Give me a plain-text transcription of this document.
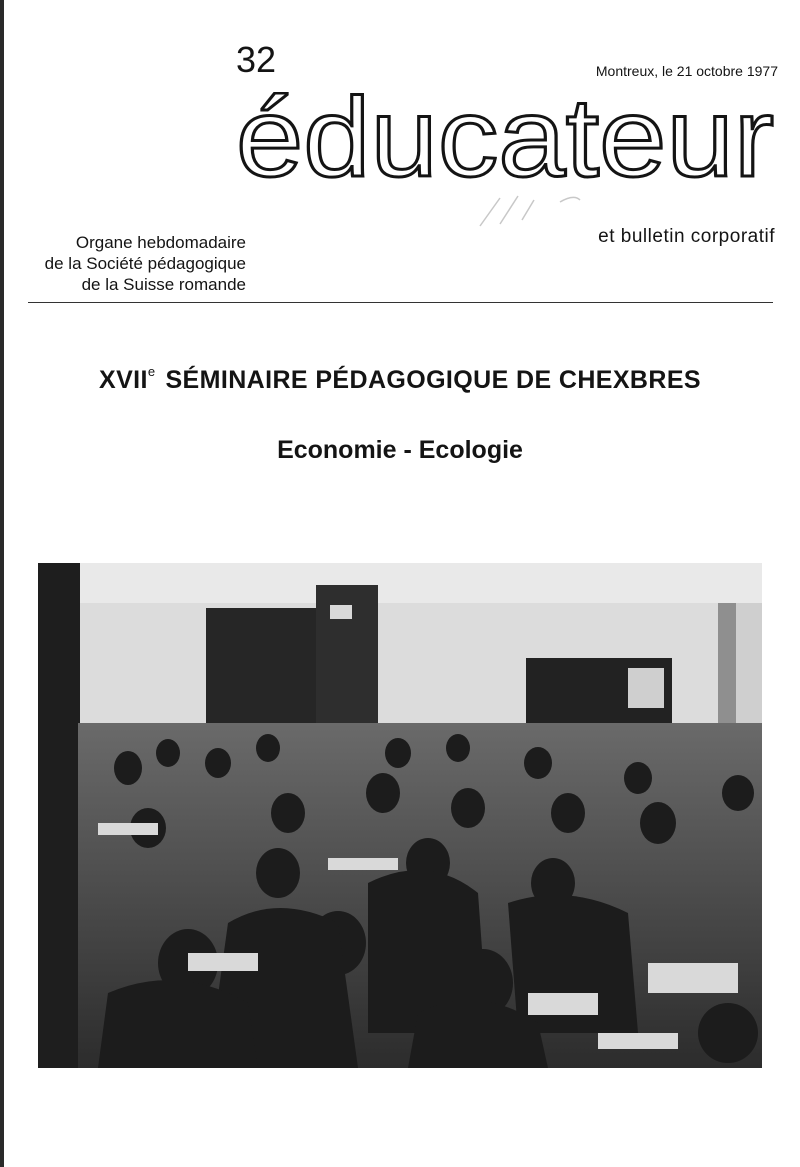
32	Montreux, le 21 octobre 1977
éducateur
Organe hebdomadaire
de la Société pédagogique
de la Suisse romande
et bulletin corporatif
XVIIe SÉMINAIRE PÉDAGOGIQUE DE CHEXBRES
Economie - Ecologie
